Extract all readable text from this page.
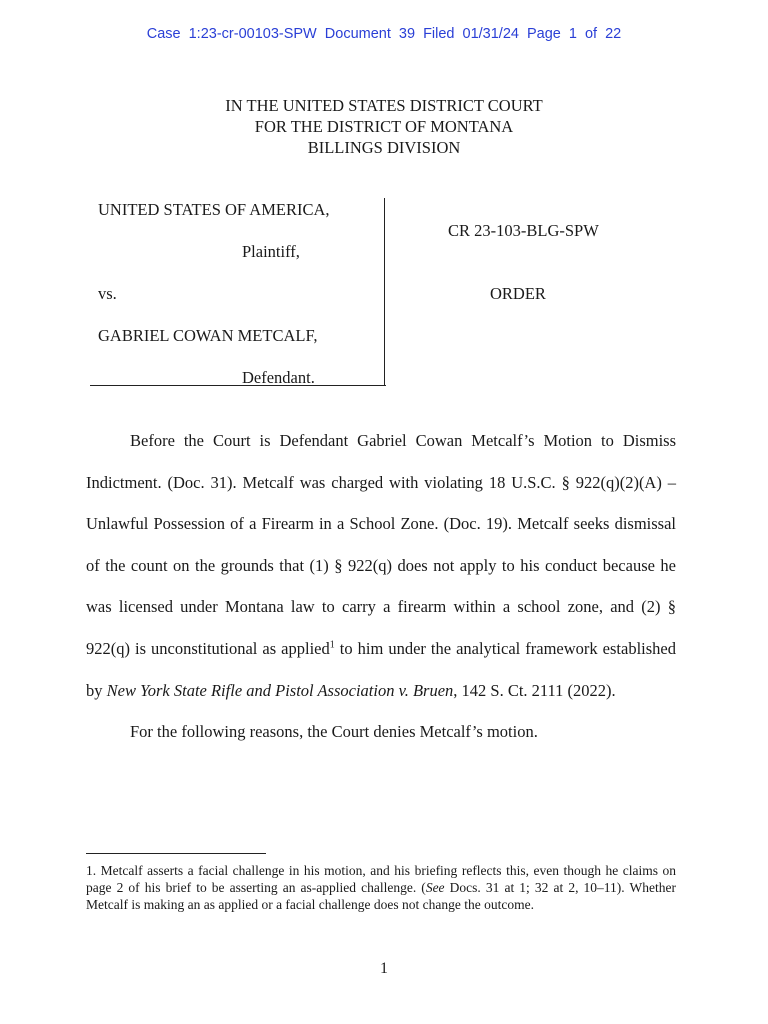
Case 1:23-cr-00103-SPW Document 39 Filed 01/31/24 Page 1 of 22
IN THE UNITED STATES DISTRICT COURT
FOR THE DISTRICT OF MONTANA
BILLINGS DIVISION
UNITED STATES OF AMERICA,
Plaintiff,
vs.
GABRIEL COWAN METCALF,
Defendant.
CR 23-103-BLG-SPW
ORDER

Before the Court is Defendant Gabriel Cowan Metcalf’s Motion to Dismiss Indictment. (Doc. 31). Metcalf was charged with violating 18 U.S.C. § 922(q)(2)(A) – Unlawful Possession of a Firearm in a School Zone. (Doc. 19). Metcalf seeks dismissal of the count on the grounds that (1) § 922(q) does not apply to his conduct because he was licensed under Montana law to carry a firearm within a school zone, and (2) § 922(q) is unconstitutional as applied$^1$ to him under the analytical framework established by New York State Rifle and Pistol Association v. Bruen, 142 S. Ct. 2111 (2022).

For the following reasons, the Court denies Metcalf’s motion.

1. Metcalf asserts a facial challenge in his motion, and his briefing reflects this, even though he claims on page 2 of his brief to be asserting an as-applied challenge. (See Docs. 31 at 1; 32 at 2, 10–11). Whether Metcalf is making an as applied or a facial challenge does not change the outcome.
1
